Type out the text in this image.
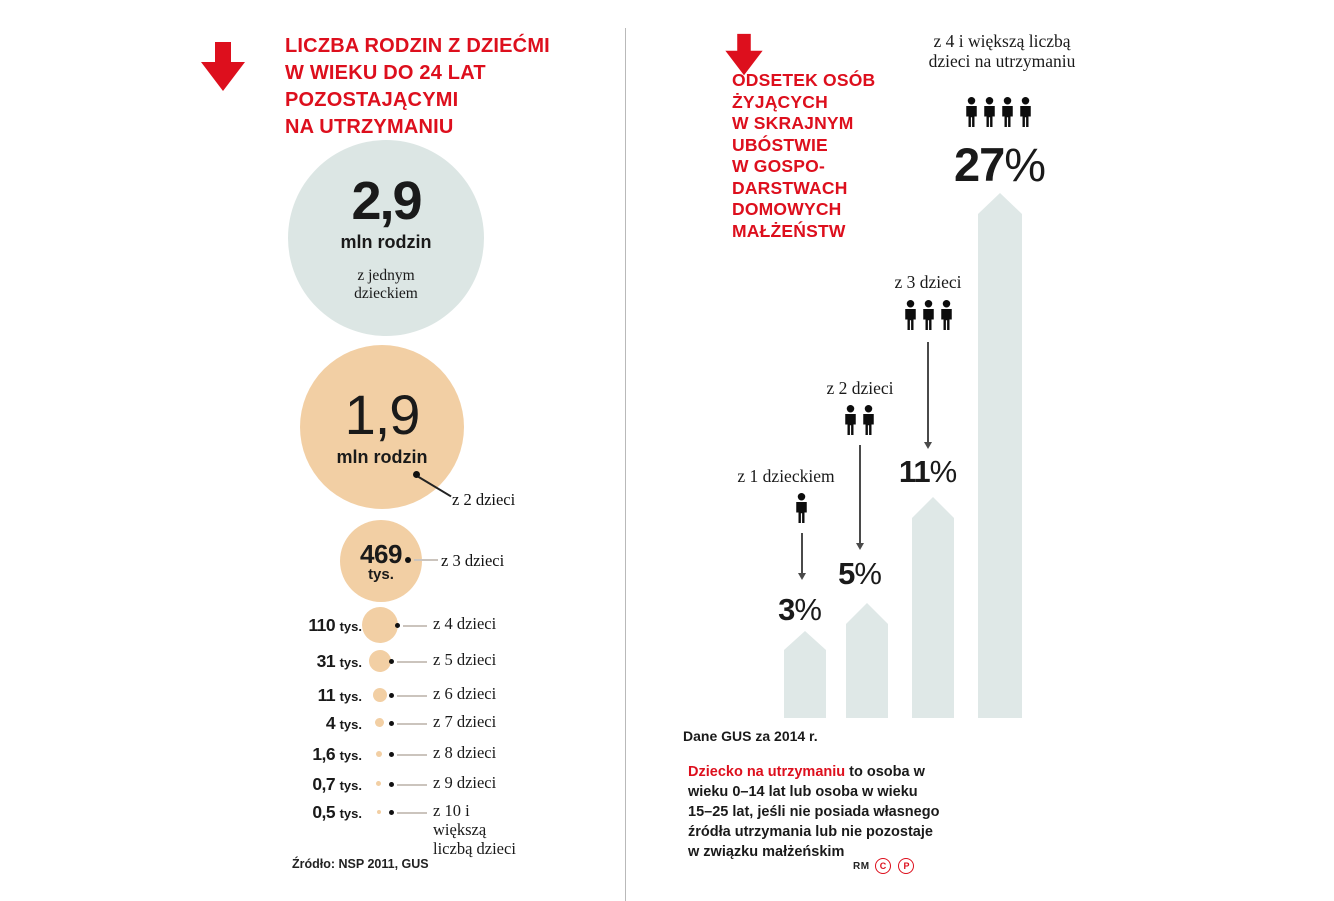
LICZBA RODZIN Z DZIEĆMI
W WIEKU DO 24 LAT
POZOSTAJĄCYMI
NA UTRZYMANIU
2,9
mln rodzin
z jednym dzieckiem
1,9
mln rodzin
z 2 dzieci
469
tys.
z 3 dzieci
110 tys.	z 4 dzieci
31 tys.	z 5 dzieci
11 tys.	z 6 dzieci
4 tys.	z 7 dzieci
1,6 tys.	z 8 dzieci
0,7 tys.	z 9 dzieci
0,5 tys.	z 10 i większą liczbą dzieci
Źródło: NSP 2011, GUS
ODSETEK OSÓB
ŻYJĄCYCH
W SKRAJNYM
UBÓSTWIE
W GOSPO-
DARSTWACH
DOMOWYCH
MAŁŻEŃSTW
z 4 i większą liczbą dzieci na utrzymaniu
27%
z 3 dzieci
11%
z 2 dzieci
5%
z 1 dzieckiem
3%
Dane GUS za 2014 r.
Dziecko na utrzymaniu to osoba w wieku 0–14 lat lub osoba w wieku 15–25 lat, jeśli nie posiada własnego źródła utrzymania lub nie pozostaje w związku małżeńskim
RM	C P
